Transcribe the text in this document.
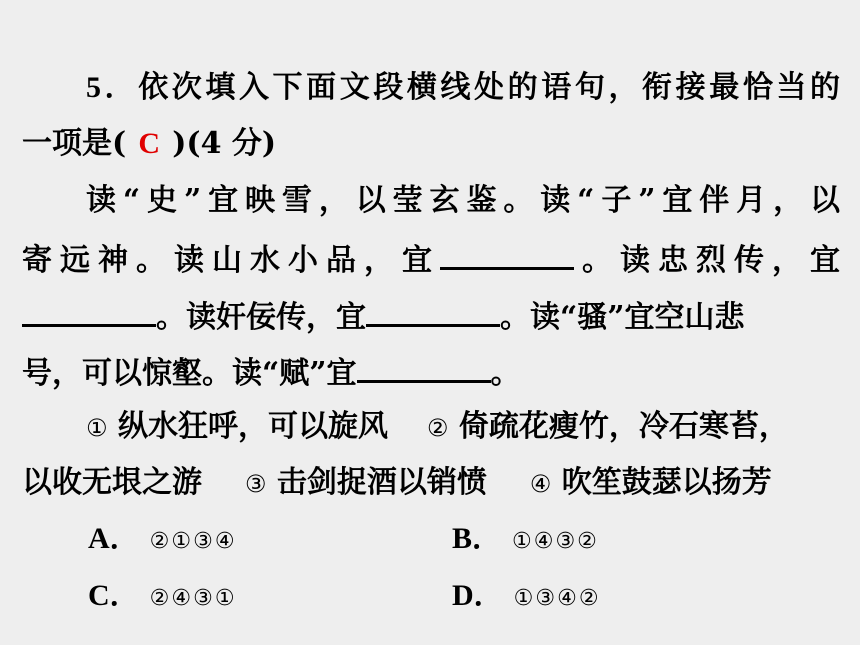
5．依次填入下面文段横线处的语句，衔接最恰当的
一项是( C )(4 分)
读“史”宜映雪，以莹玄鉴。读“子”宜伴月，以
寄远神。读山水小品，宜	。读忠烈传，宜
。读奸佞传，宜	。读“骚”宜空山悲
号，可以惊壑。读“赋”宜	。
① 纵水狂呼，可以旋风 ② 倚疏花瘦竹，冷石寒苔，
以收无垠之游 ③ 击剑捉酒以销愤 ④ 吹笙鼓瑟以扬芳
A． ②①③④	B． ①④③②
C． ②④③①	D． ①③④②
